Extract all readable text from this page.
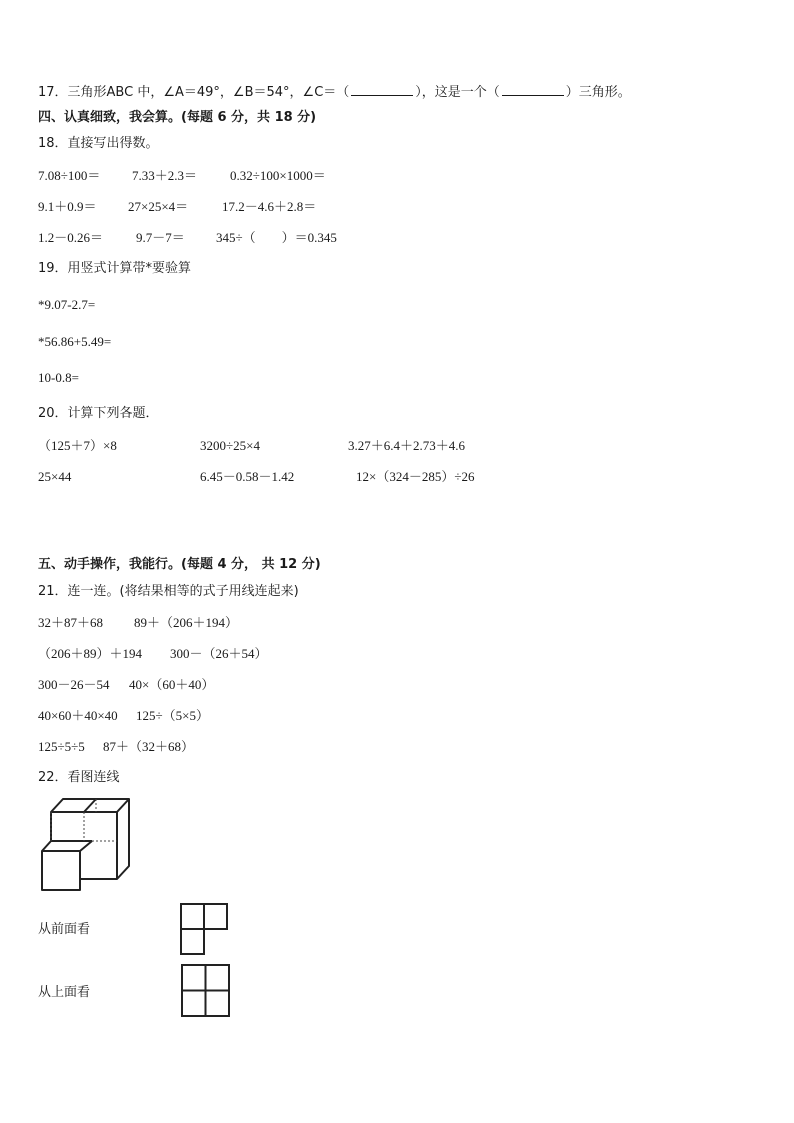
17．三角形ABC 中，∠A＝49°，∠B＝54°，∠C＝（	），这是一个（	）三角形。
四、认真细致，我会算。(每题 6 分，共 18 分)
18．直接写出得数。
7.08÷100＝ 7.33＋2.3＝	0.32÷100×1000＝
9.1＋0.9＝ 27×25×4＝	17.2－4.6＋2.8＝
1.2－0.26＝	9.7－7＝ 345÷（　　）＝0.345
19．用竖式计算带*要验算
*9.07-2.7=
*56.86+5.49=
10-0.8=
20．计算下列各题．
（125＋7）×8	3200÷25×4	3.27＋6.4＋2.73＋4.6
25×44	6.45－0.58－1.42	12×（324－285）÷26
五、动手操作，我能行。(每题 4 分， 共 12 分)
21．连一连。(将结果相等的式子用线连起来)
32＋87＋68 89＋（206＋194）
（206＋89）＋194 300－（26＋54）
300－26－54 40×（60＋40）
40×60＋40×40 125÷（5×5）
125÷5÷5 87＋（32＋68）
22．看图连线
从前面看
从上面看
